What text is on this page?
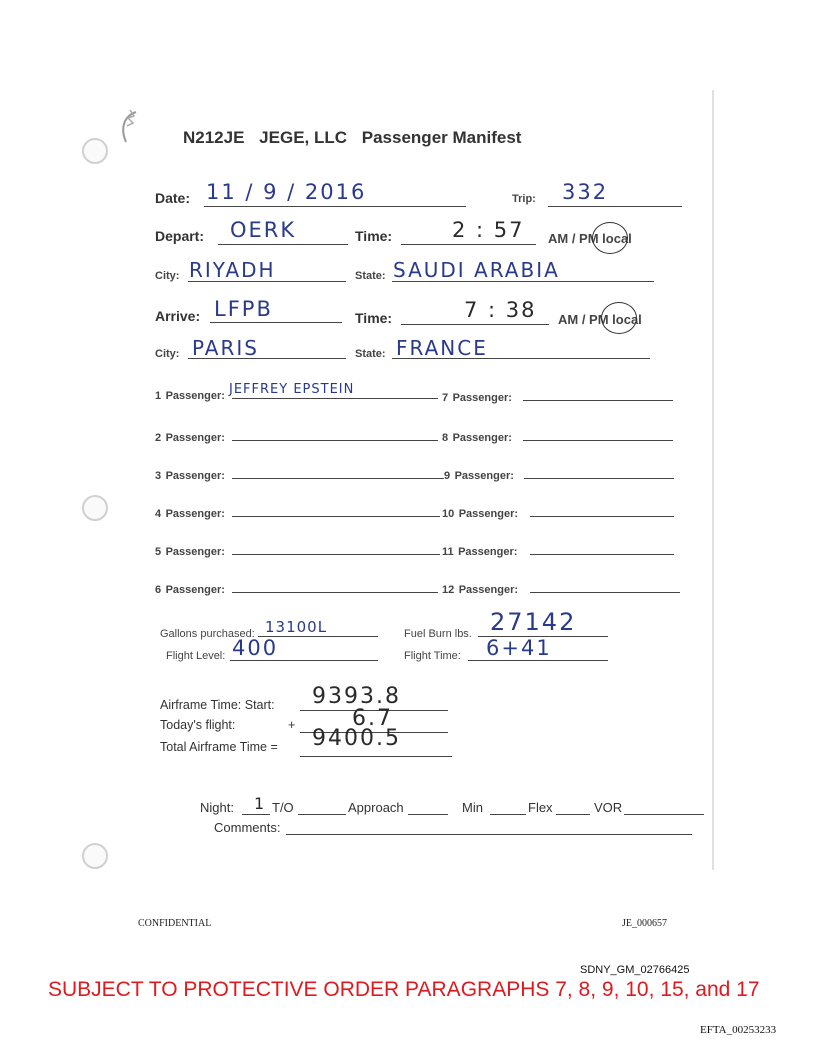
N212JE JEGE, LLC Passenger Manifest
Date: 11 / 9 / 2016	Trip: 332
Depart: OERK	Time:	2 : 57 AM / PM local
City: RIYADH	State: SAUDI ARABIA
Arrive: LFPB	Time:	7 : 38 AM / PM local
City: PARIS	State: FRANCE
1 Passenger: JEFFREY EPSTEIN
2 Passenger:
3 Passenger:
4 Passenger:
5 Passenger:
6 Passenger:
7 Passenger:
8 Passenger:
9 Passenger:
10 Passenger:
11 Passenger:
12 Passenger:
Gallons purchased: 13100L	Fuel Burn lbs. 27142
Flight Level: 400	Flight Time: 6+41
Airframe Time: Start: 9393.8
Today's flight:	+	6.7
Total Airframe Time = 9400.5
Night: 1 T/O	Approach	Min	Flex	VOR
Comments:
CONFIDENTIAL	JE_000657
SDNY_GM_02766425
SUBJECT TO PROTECTIVE ORDER PARAGRAPHS 7, 8, 9, 10, 15, and 17
EFTA_00253233
